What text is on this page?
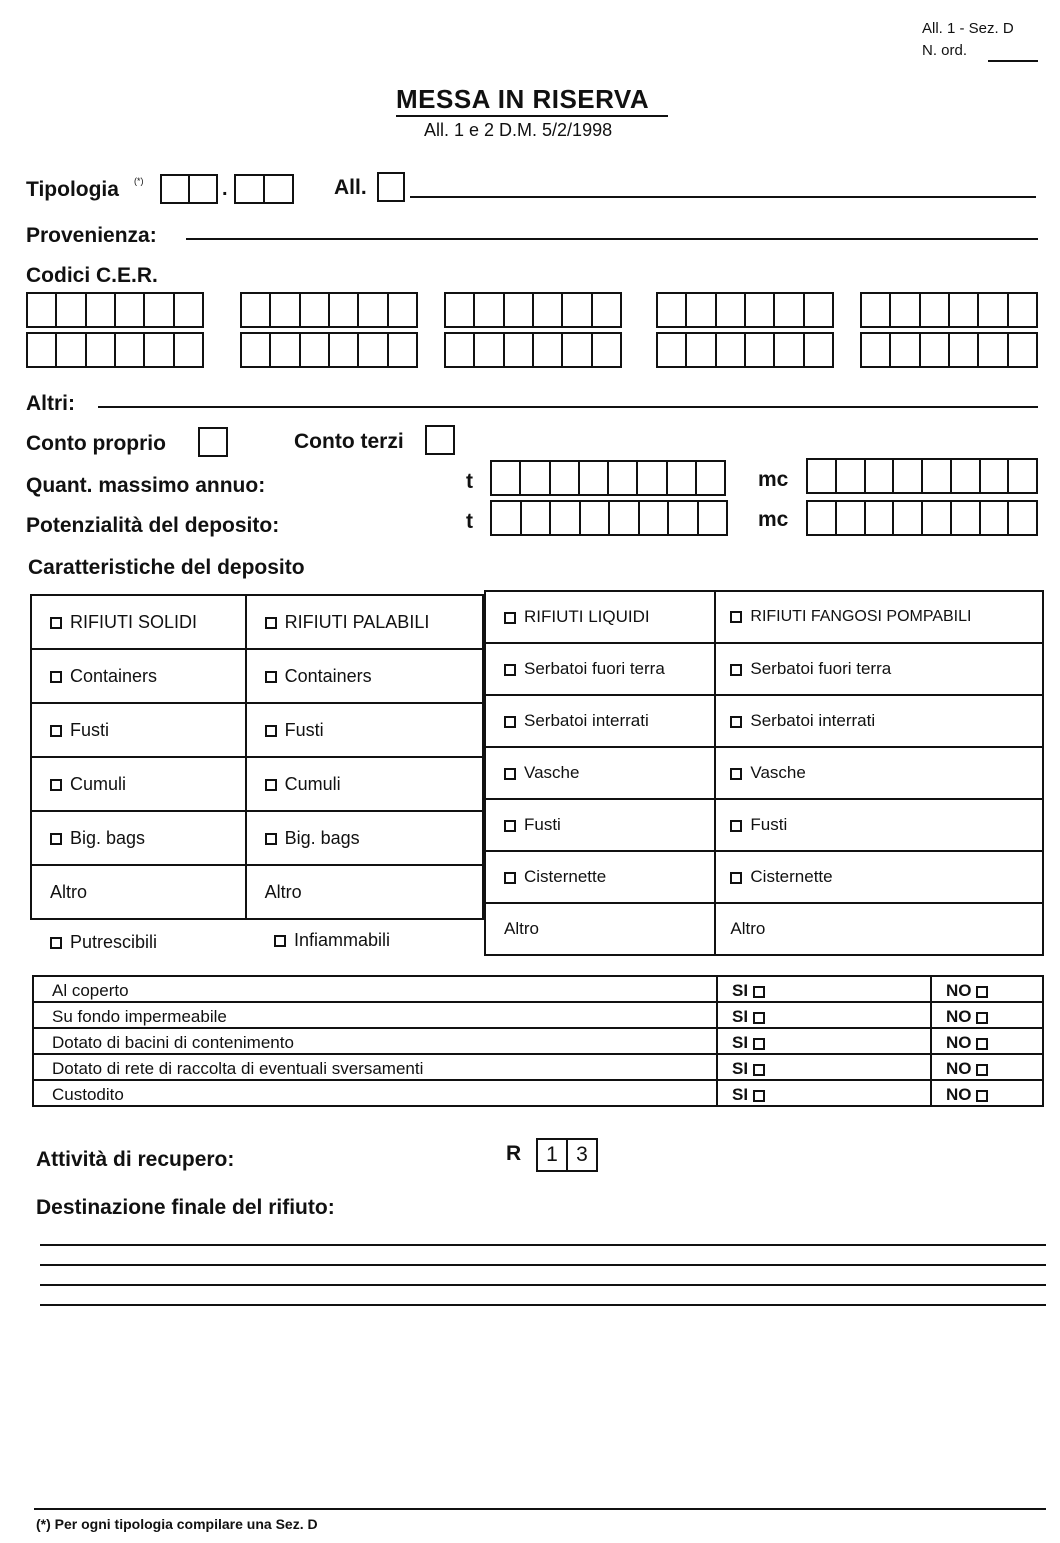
All. 1 - Sez. D
N. ord.
MESSA IN RISERVA
All. 1 e 2 D.M. 5/2/1998
Tipologia (*)	.	All.
Provenienza:
Codici C.E.R.
Altri:
Conto proprio	Conto terzi
Quant. massimo annuo:	t	mc
Potenzialità del deposito:	t	mc
Caratteristiche del deposito
RIFIUTI SOLIDI	RIFIUTI PALABILI
Containers	Containers
Fusti	Fusti
Cumuli	Cumuli
Big. bags	Big. bags
Altro	Altro
RIFIUTI LIQUIDI	RIFIUTI FANGOSI POMPABILI
Serbatoi fuori terra	Serbatoi fuori terra
Serbatoi interrati	Serbatoi interrati
Vasche	Vasche
Fusti	Fusti
Cisternette	Cisternette
Altro	Altro
Putrescibili	Infiammabili
Al coperto	SI	NO
Su fondo impermeabile	SI	NO
Dotato di bacini di contenimento	SI	NO
Dotato di rete di raccolta di eventuali sversamenti	SI	NO
Custodito	SI	NO
Attività di recupero:	R	1 3
Destinazione finale del rifiuto:
(*) Per ogni tipologia compilare una Sez. D
